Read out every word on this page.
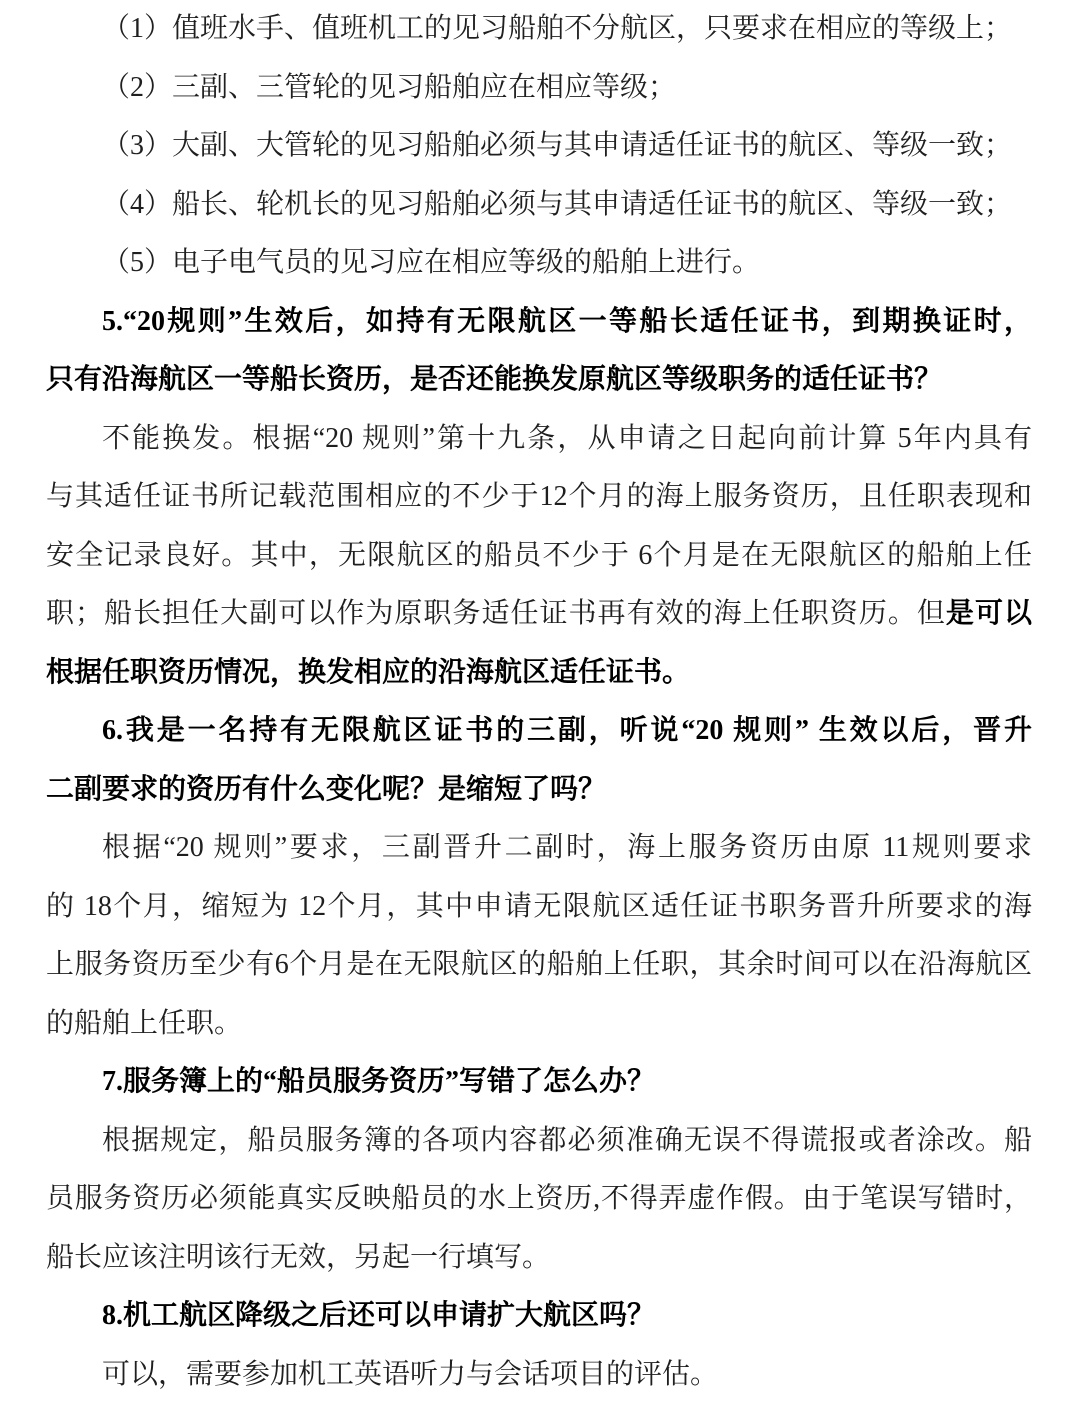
（1）值班水手、值班机工的见习船舶不分航区，只要求在相应的等级上；
（2）三副、三管轮的见习船舶应在相应等级；
（3）大副、大管轮的见习船舶必须与其申请适任证书的航区、等级一致；
（4）船长、轮机长的见习船舶必须与其申请适任证书的航区、等级一致；
（5）电子电气员的见习应在相应等级的船舶上进行。
5.“20规则”生效后，如持有无限航区一等船长适任证书，到期换证时，
只有沿海航区一等船长资历，是否还能换发原航区等级职务的适任证书？
不能换发。根据“20 规则”第十九条，从申请之日起向前计算 5年内具有
与其适任证书所记载范围相应的不少于12个月的海上服务资历，且任职表现和
安全记录良好。其中，无限航区的船员不少于 6个月是在无限航区的船舶上任
职；船长担任大副可以作为原职务适任证书再有效的海上任职资历。但是可以
根据任职资历情况，换发相应的沿海航区适任证书。
6.我是一名持有无限航区证书的三副，听说“20 规则” 生效以后，晋升
二副要求的资历有什么变化呢？是缩短了吗？
根据“20 规则”要求，三副晋升二副时，海上服务资历由原 11规则要求
的 18个月，缩短为 12个月，其中申请无限航区适任证书职务晋升所要求的海
上服务资历至少有6个月是在无限航区的船舶上任职，其余时间可以在沿海航区
的船舶上任职。
7.服务簿上的“船员服务资历”写错了怎么办？
根据规定，船员服务簿的各项内容都必须准确无误不得谎报或者涂改。船
员服务资历必须能真实反映船员的水上资历,不得弄虚作假。由于笔误写错时，
船长应该注明该行无效，另起一行填写。
8.机工航区降级之后还可以申请扩大航区吗？
可以，需要参加机工英语听力与会话项目的评估。
